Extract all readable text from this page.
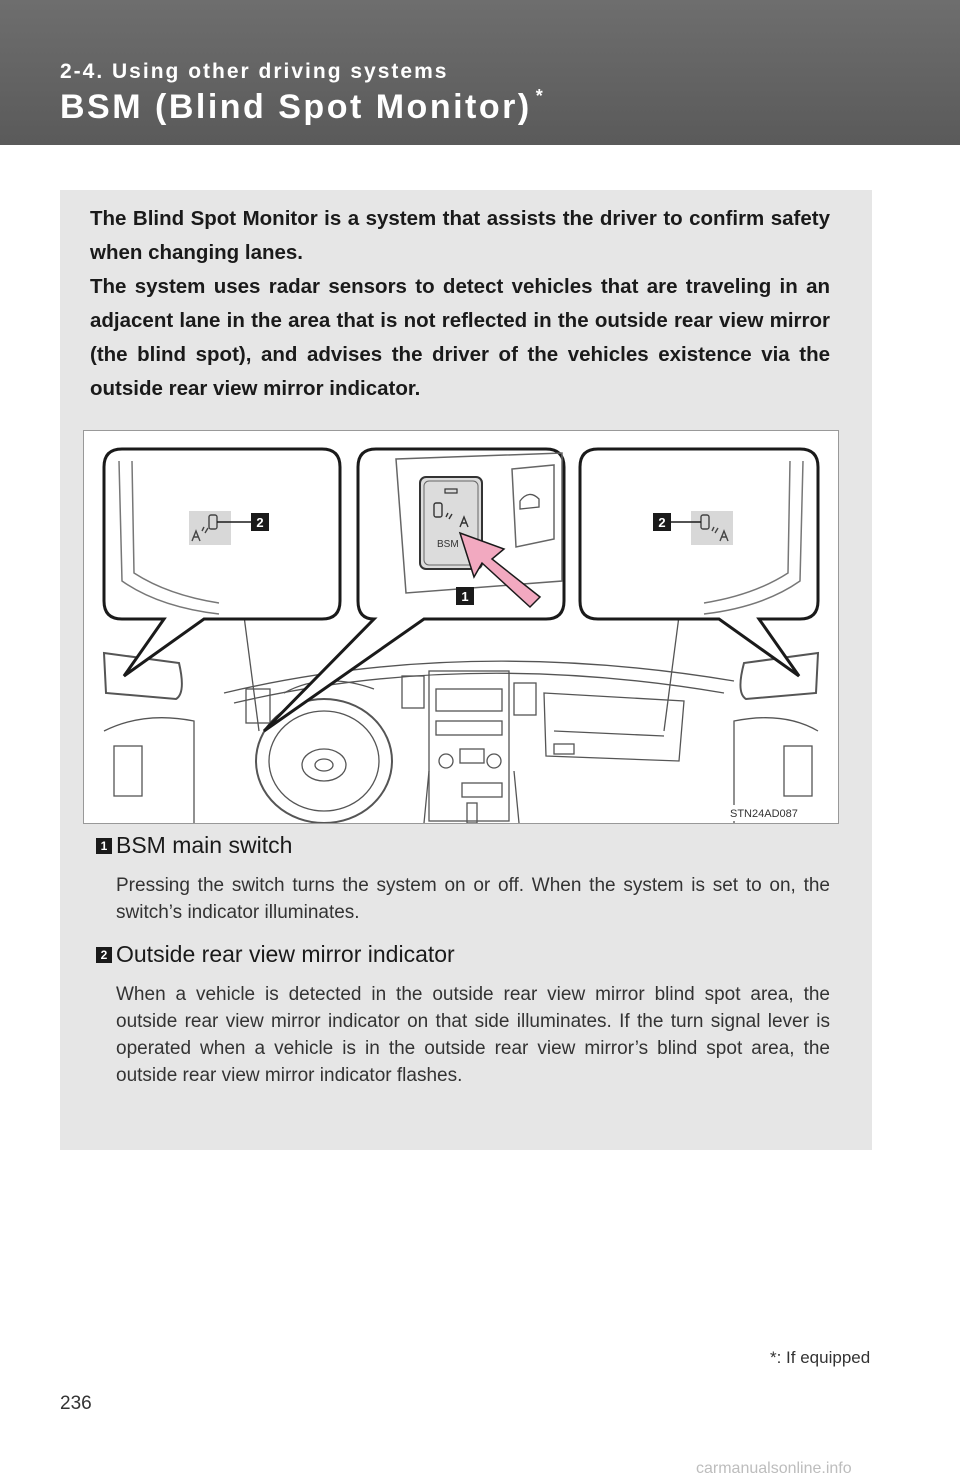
2-4. Using other driving systems
BSM (Blind Spot Monitor) *

The Blind Spot Monitor is a system that assists the driver to confirm safety when changing lanes.

The system uses radar sensors to detect vehicles that are traveling in an adjacent lane in the area that is not reflected in the outside rear view mirror (the blind spot), and advises the driver of the vehicles existence via the outside rear view mirror indicator.

BSM
1
2	2
STN24AD087
1 BSM main switch
Pressing the switch turns the system on or off. When the system is set to on, the switch’s indicator illuminates.
2 Outside rear view mirror indicator
When a vehicle is detected in the outside rear view mirror blind spot area, the outside rear view mirror indicator on that side illuminates. If the turn signal lever is operated when a vehicle is in the outside rear view mirror’s blind spot area, the outside rear view mirror indicator flashes.
*: If equipped
236
carmanualsonline.info
